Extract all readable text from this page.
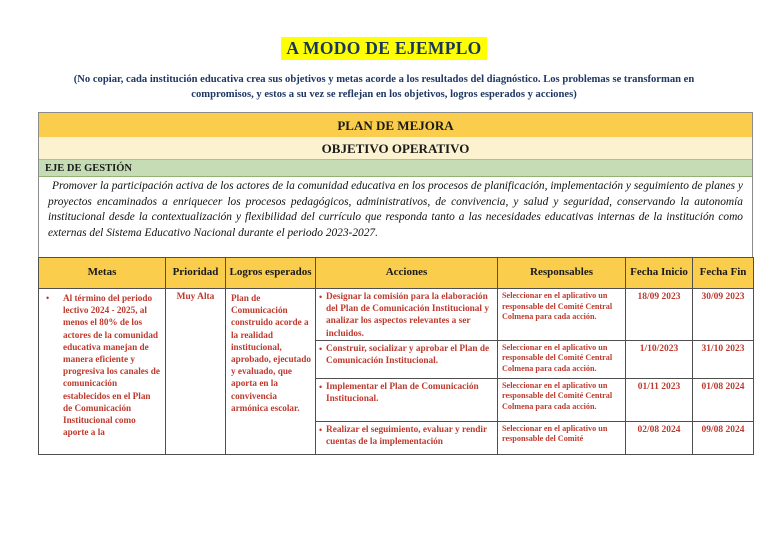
A MODO DE EJEMPLO

(No copiar, cada institución educativa crea sus objetivos y metas acorde a los resultados del diagnóstico. Los problemas se transforman en compromisos, y estos a su vez se reflejan en los objetivos, logros esperados y acciones)

PLAN DE MEJORA
OBJETIVO OPERATIVO
EJE DE GESTIÓN
Promover la participación activa de los actores de la comunidad educativa en los procesos de planificación, implementación y seguimiento de planes y proyectos encaminados a enriquecer los procesos pedagógicos, administrativos, de convivencia, y salud y seguridad, conservando la autonomía institucional desde la contextualización y flexibilidad del currículo que responda tanto a las necesidades educativas internas de la institución como externas del Sistema Educativo Nacional durante el periodo 2023-2027.
Metas	Prioridad	Logros esperados	Acciones	Responsables	Fecha Inicio	Fecha Fin

• Al término del periodo lectivo 2024 - 2025, al menos el 80% de los actores de la comunidad educativa manejan de manera eficiente y progresiva los canales de comunicación establecidos en el Plan de Comunicación Institucional como aporte a la	Muy Alta	Plan de Comunicación construido acorde a la realidad institucional, aprobado, ejecutado y evaluado, que aporta en la convivencia armónica escolar.	• Designar la comisión para la elaboración del Plan de Comunicación Institucional y analizar los aspectos relevantes a ser incluidos.	Seleccionar en el aplicativo un responsable del Comité Central Colmena para cada acción.	18/09 2023	30/09 2023

			• Construir, socializar y aprobar el Plan de Comunicación Institucional.	Seleccionar en el aplicativo un responsable del Comité Central Colmena para cada acción.	1/10/2023	31/10 2023

			• Implementar el Plan de Comunicación Institucional.	Seleccionar en el aplicativo un responsable del Comité Central Colmena para cada acción.	01/11 2023	01/08 2024

			• Realizar el seguimiento, evaluar y rendir cuentas de la implementación	Seleccionar en el aplicativo un responsable del Comité	02/08 2024	09/08 2024
